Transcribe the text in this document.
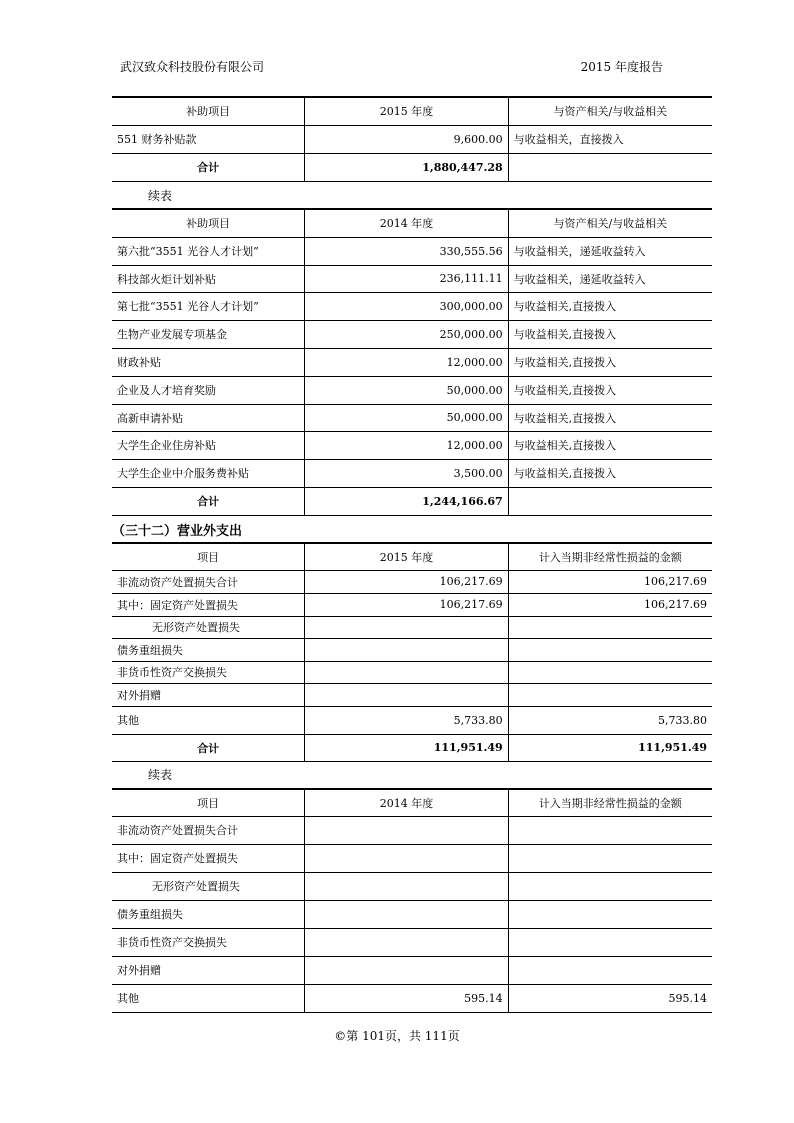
武汉致众科技股份有限公司	2015 年度报告
补助项目	2015 年度	与资产相关/与收益相关
551 财务补贴款	9,600.00	与收益相关，直接拨入
合计	1,880,447.28	
续表
补助项目	2014 年度	与资产相关/与收益相关
第六批“3551 光谷人才计划”	330,555.56	与收益相关，递延收益转入
科技部火炬计划补贴	236,111.11	与收益相关，递延收益转入
第七批“3551 光谷人才计划”	300,000.00	与收益相关,直接拨入
生物产业发展专项基金	250,000.00	与收益相关,直接拨入
财政补贴	12,000.00	与收益相关,直接拨入
企业及人才培育奖励	50,000.00	与收益相关,直接拨入
高新申请补贴	50,000.00	与收益相关,直接拨入
大学生企业住房补贴	12,000.00	与收益相关,直接拨入
大学生企业中介服务费补贴	3,500.00	与收益相关,直接拨入
合计	1,244,166.67	
（三十二）营业外支出
项目	2015 年度	计入当期非经常性损益的金额
非流动资产处置损失合计	106,217.69	106,217.69
其中：固定资产处置损失	106,217.69	106,217.69
无形资产处置损失		
债务重组损失		
非货币性资产交换损失		
对外捐赠		
其他	5,733.80	5,733.80
合计	111,951.49	111,951.49
续表
项目	2014 年度	计入当期非经常性损益的金额
非流动资产处置损失合计		
其中：固定资产处置损失		
无形资产处置损失		
债务重组损失		
非货币性资产交换损失		
对外捐赠		
其他	595.14	595.14
©第 101页，共 111页
